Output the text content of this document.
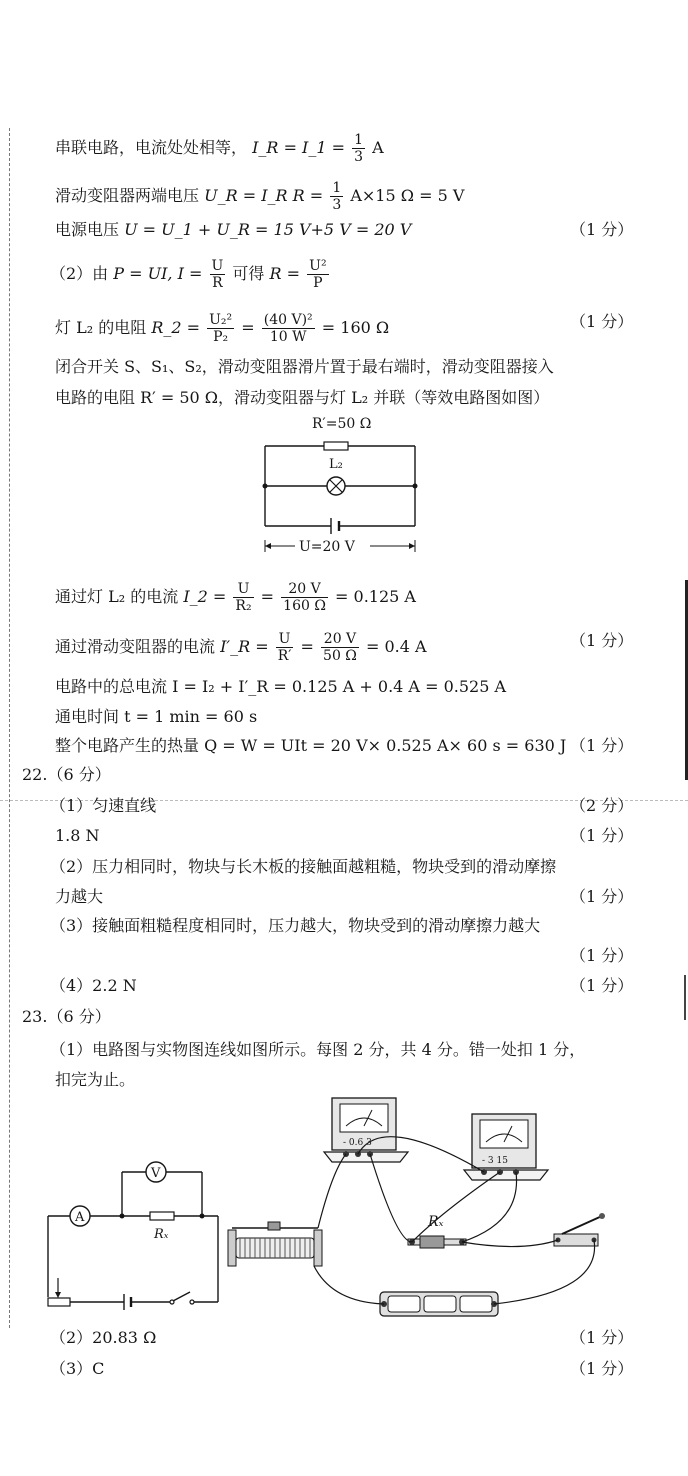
串联电路，电流处处相等， I_R = I_1 = $\frac{1}{3}$ A
滑动变阻器两端电压 U_R = I_R $R = \frac{1}{3} A\times 15$ Ω = 5 V
电源电压 U = U_1 + U_R = 15 V+5 V = 20 V	（1 分）
（2）由 P = UI, $I = \frac{U}{R}$ 可得 $R = \frac{\text{U²}}{P}$
灯 L₂ 的电阻 R_2 = $\frac{\text{U₂²}}{\text{P₂}} = \frac{\text{(40 V)²}}{10 W} = 160$ Ω	（1 分）
闭合开关 S、S₁、S₂，滑动变阻器滑片置于最右端时，滑动变阻器接入
电路的电阻 R′ = 50 Ω，滑动变阻器与灯 L₂ 并联（等效电路图如图）
R′=50 Ω
L₂
U=20 V
通过灯 L₂ 的电流 I_2 = $\frac{U}{\text{R₂}} = \frac{20 V}{160 \Omega} = 0.125$ A
通过滑动变阻器的电流 I′_R = $\frac{U}{R'} = \frac{20 V}{50 \Omega} = 0.4$ A	（1 分）
电路中的总电流 I = I₂ + I′_R = 0.125 A + 0.4 A = 0.525 A
通电时间 t = 1 min = 60 s
整个电路产生的热量 Q = W = UIt = 20 V× 0.525 A× 60 s = 630 J （1 分）
22.（6 分）
（1）匀速直线	（2 分）
1.8 N	（1 分）
（2）压力相同时，物块与长木板的接触面越粗糙，物块受到的滑动摩擦
力越大	（1 分）
（3）接触面粗糙程度相同时，压力越大，物块受到的滑动摩擦力越大
（1 分）
（4）2.2 N	（1 分）
23.（6 分）
（1）电路图与实物图连线如图所示。每图 2 分，共 4 分。错一处扣 1 分，
扣完为止。
V
A
Rₓ
- 0.6 3
- 3 15
Rₓ
（2）20.83 Ω	（1 分）
（3）C	（1 分）
